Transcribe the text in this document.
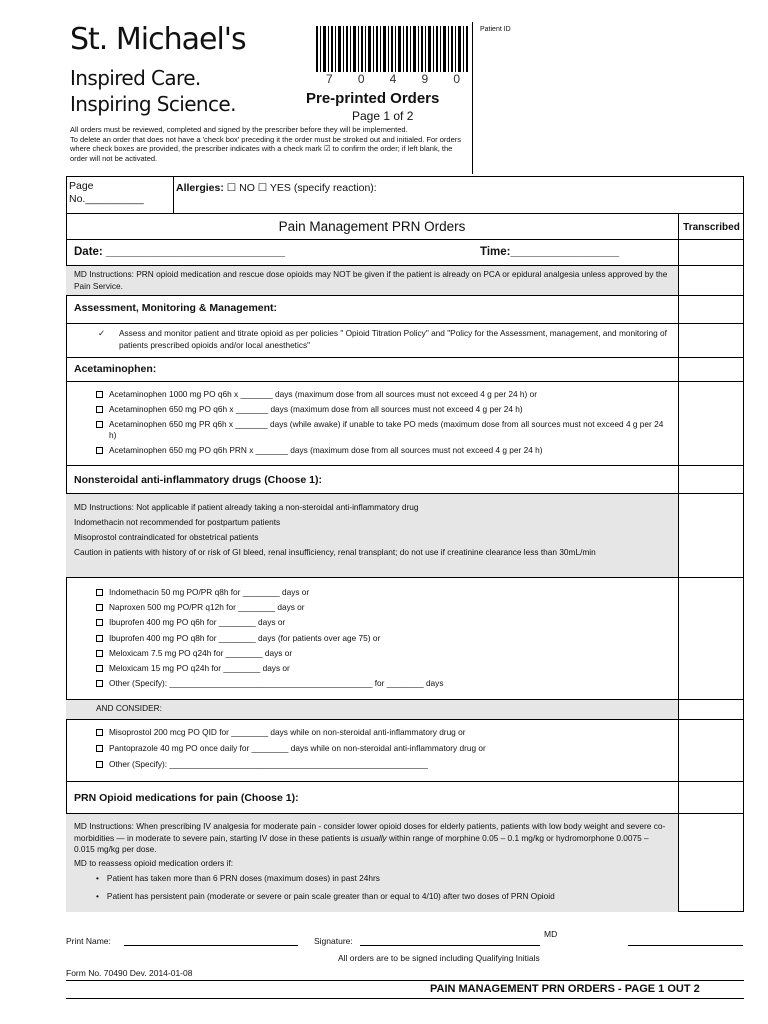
St. Michael's
Inspired Care.
Inspiring Science.
7 0 4 9 0
Pre-printed Orders
Page 1 of 2
All orders must be reviewed, completed and signed by the prescriber before they will be implemented.
To delete an order that does not have a 'check box' preceding it the order must be stroked out and initialed. For orders where check boxes are provided, the prescriber indicates with a check mark ☑ to confirm the order; if left blank, the order will not be activated.
Patient ID
Page
No.__________
Allergies: ☐ NO ☐ YES (specify reaction):
Pain Management PRN Orders	Transcribed
Date: ____________________________	Time:_________________
MD Instructions: PRN opioid medication and rescue dose opioids may NOT be given if the patient is already on PCA or epidural analgesia unless approved by the Pain Service.
Assessment, Monitoring & Management:
✓ Assess and monitor patient and titrate opioid as per policies " Opioid Titration Policy" and "Policy for the Assessment, management, and monitoring of patients prescribed opioids and/or local anesthetics"
Acetaminophen:
Acetaminophen 1000 mg PO q6h x _______ days (maximum dose from all sources must not exceed 4 g per 24 h) or
Acetaminophen 650 mg PO q6h x _______ days (maximum dose from all sources must not exceed 4 g per 24 h)
Acetaminophen 650 mg PR q6h x _______ days (while awake) if unable to take PO meds (maximum dose from all sources must not exceed 4 g per 24 h)
Acetaminophen 650 mg PO q6h PRN x _______ days (maximum dose from all sources must not exceed 4 g per 24 h)
Nonsteroidal anti-inflammatory drugs (Choose 1):
MD Instructions: Not applicable if patient already taking a non-steroidal anti-inflammatory drug
Indomethacin not recommended for postpartum patients
Misoprostol contraindicated for obstetrical patients
Caution in patients with history of or risk of GI bleed, renal insufficiency, renal transplant; do not use if creatinine clearance less than 30mL/min
Indomethacin 50 mg PO/PR q8h for ________ days or
Naproxen 500 mg PO/PR q12h for ________ days or
Ibuprofen 400 mg PO q6h for ________ days or
Ibuprofen 400 mg PO q8h for ________ days (for patients over age 75) or
Meloxicam 7.5 mg PO q24h for ________ days or
Meloxicam 15 mg PO q24h for ________ days or
Other (Specify): ____________________________________________ for ________ days
AND CONSIDER:
Misoprostol 200 mcg PO QID for ________ days while on non-steroidal anti-inflammatory drug or
Pantoprazole 40 mg PO once daily for ________ days while on non-steroidal anti-inflammatory drug or
Other (Specify): ________________________________________________________
PRN Opioid medications for pain (Choose 1):
MD Instructions: When prescribing IV analgesia for moderate pain - consider lower opioid doses for elderly patients, patients with low body weight and severe co-morbidities — in moderate to severe pain, starting IV dose in these patients is usually within range of morphine 0.05 – 0.1 mg/kg or hydromorphone 0.0075 – 0.015 mg/kg per dose.
MD to reassess opioid medication orders if:
• Patient has taken more than 6 PRN doses (maximum doses) in past 24hrs
• Patient has persistent pain (moderate or severe or pain scale greater than or equal to 4/10) after two doses of PRN Opioid
Print Name:	Signature:
MD
All orders are to be signed including Qualifying Initials
Form No. 70490 Dev. 2014-01-08
PAIN MANAGEMENT PRN ORDERS - PAGE 1 OUT 2
